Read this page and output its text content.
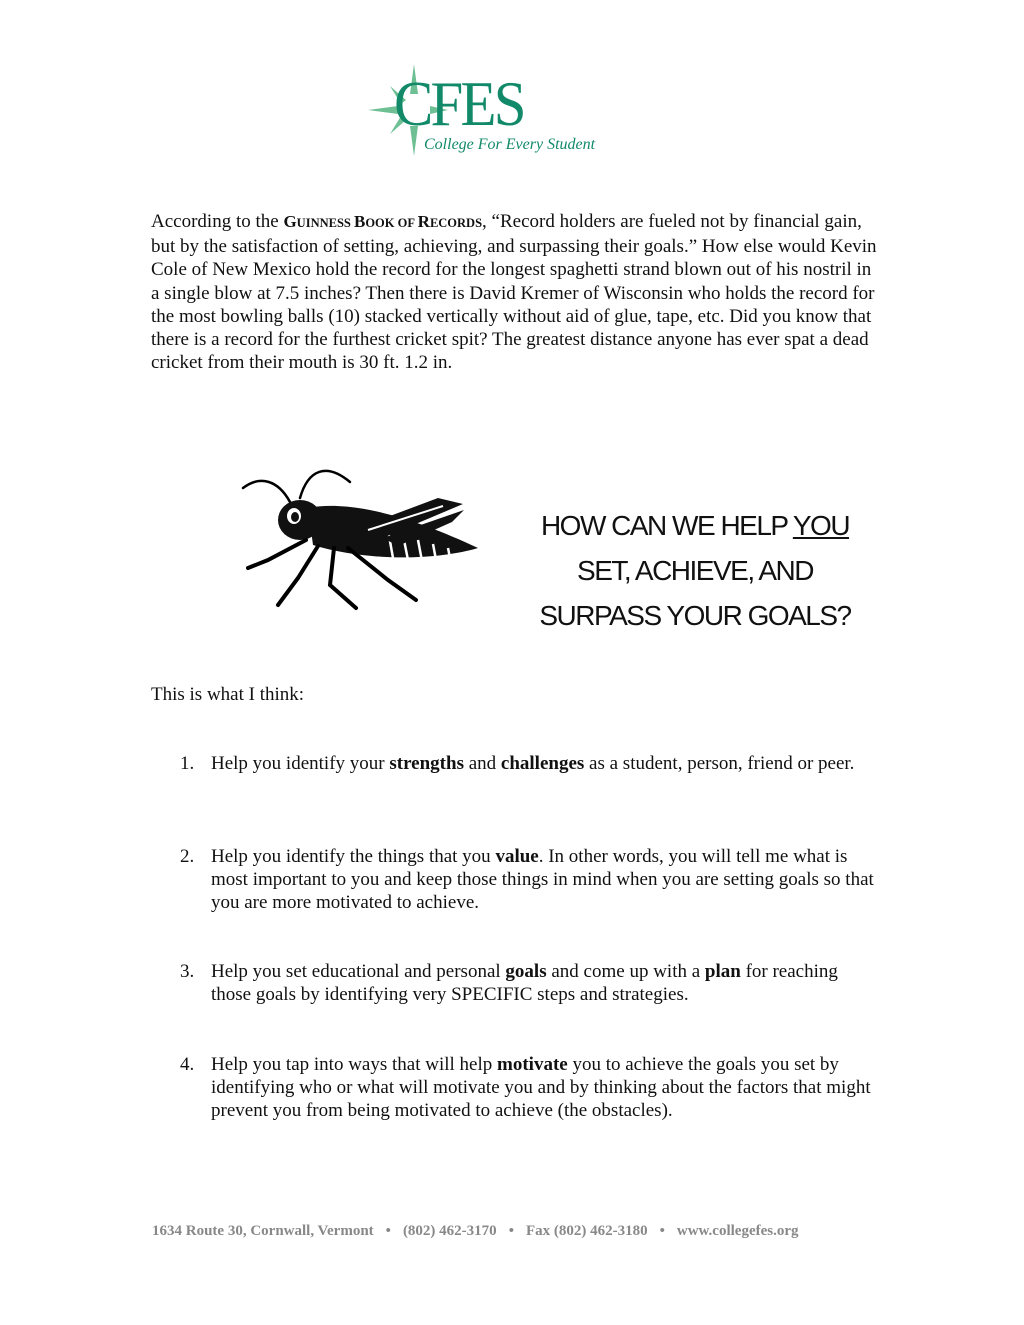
CFES
College For Every Student

According to the GUINNESS BOOK OF RECORDS, “Record holders are fueled not by financial gain, but by the satisfaction of setting, achieving, and surpassing their goals.” How else would Kevin Cole of New Mexico hold the record for the longest spaghetti strand blown out of his nostril in a single blow at 7.5 inches? Then there is David Kremer of Wisconsin who holds the record for the most bowling balls (10) stacked vertically without aid of glue, tape, etc. Did you know that there is a record for the furthest cricket spit? The greatest distance anyone has ever spat a dead cricket from their mouth is 30 ft. 1.2 in.

HOW CAN WE HELP YOU SET, ACHIEVE, AND SURPASS YOUR GOALS?

This is what I think:

1. Help you identify your strengths and challenges as a student, person, friend or peer.
2. Help you identify the things that you value. In other words, you will tell me what is most important to you and keep those things in mind when you are setting goals so that you are more motivated to achieve.
3. Help you set educational and personal goals and come up with a plan for reaching those goals by identifying very SPECIFIC steps and strategies.
4. Help you tap into ways that will help motivate you to achieve the goals you set by identifying who or what will motivate you and by thinking about the factors that might prevent you from being motivated to achieve (the obstacles).

1634 Route 30, Cornwall, Vermont • (802) 462-3170 • Fax (802) 462-3180 • www.collegefes.org
